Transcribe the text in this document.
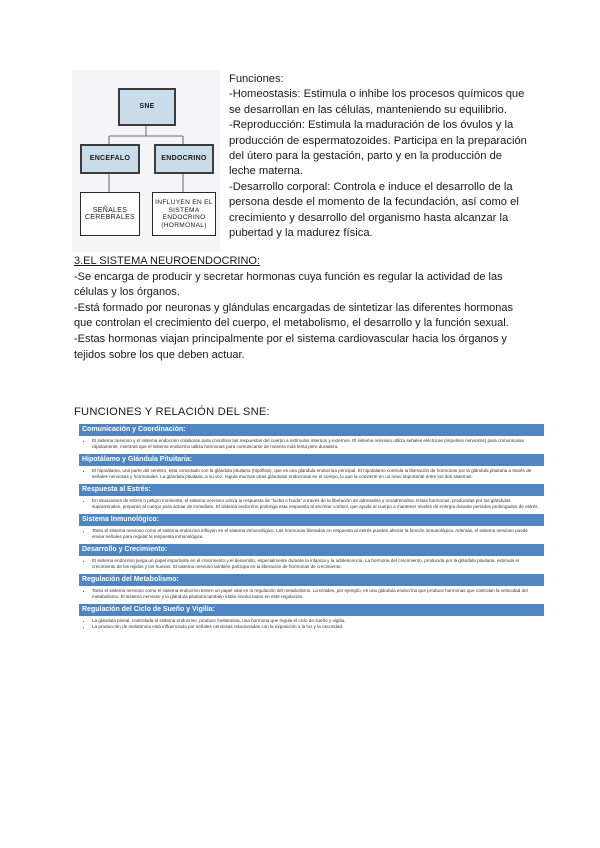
SNE
ENCEFALO	ENDOCRINO
SEÑALES CEREBRALES
INFLUYEN EN EL SISTEMA ENDOCRINO (HORMONAL)

Funciones:

-Homeostasis: Estimula o inhibe los procesos químicos que se desarrollan en las células, manteniendo su equilibrio.

-Reproducción: Estimula la maduración de los óvulos y la producción de espermatozoides. Participa en la preparación del útero para la gestación, parto y en la producción de leche materna.

-Desarrollo corporal: Controla e induce el desarrollo de la persona desde el momento de la fecundación, así como el crecimiento y desarrollo del organismo hasta alcanzar la pubertad y la madurez física.

3.EL SISTEMA NEUROENDOCRINO:

-Se encarga de producir y secretar hormonas cuya función es regular la actividad de las células y los órganos.

-Está formado por neuronas y glándulas encargadas de sintetizar las diferentes hormonas que controlan el crecimiento del cuerpo, el metabolismo, el desarrollo y la función sexual.

-Estas hormonas viajan principalmente por el sistema cardiovascular hacia los órganos y tejidos sobre los que deben actuar.

FUNCIONES Y RELACIÓN DEL SNE:
Comunicación y Coordinación:
• El sistema nervioso y el sistema endocrino colaboran para coordinar las respuestas del cuerpo a estímulos internos y externos. El sistema nervioso utiliza señales eléctricas (impulsos nerviosos) para comunicarse rápidamente, mientras que el sistema endocrino utiliza hormonas para comunicarse de manera más lenta pero duradera.
Hipotálamo y Glándula Pituitaria:
• El hipotálamo, una parte del cerebro, está conectado con la glándula pituitaria (hipófisis), que es una glándula endocrina principal. El hipotálamo controla la liberación de hormonas por la glándula pituitaria a través de señales nerviosas y hormonales. La glándula pituitaria, a su vez, regula muchas otras glándulas endocrinas en el cuerpo, lo que la convierte en un nexo importante entre los dos sistemas.
Respuesta al Estrés:
• En situaciones de estrés o peligro inminente, el sistema nervioso activa la respuesta de "lucha o huida" a través de la liberación de adrenalina y noradrenalina. Estas hormonas, producidas por las glándulas suprarrenales, preparan al cuerpo para actuar de inmediato. El sistema endocrino prolonga esta respuesta al secretar cortisol, que ayuda al cuerpo a mantener niveles de energía durante periodos prolongados de estrés.
Sistema Inmunológico:
• Tanto el sistema nervioso como el sistema endocrino influyen en el sistema inmunológico. Las hormonas liberadas en respuesta al estrés pueden afectar la función inmunológica. Además, el sistema nervioso puede enviar señales para regular la respuesta inmunológica.
Desarrollo y Crecimiento:
• El sistema endocrino juega un papel importante en el crecimiento y el desarrollo, especialmente durante la infancia y la adolescencia. La hormona del crecimiento, producida por la glándula pituitaria, estimula el crecimiento de los tejidos y los huesos. El sistema nervioso también participa en la liberación de hormonas de crecimiento.
Regulación del Metabolismo:
• Tanto el sistema nervioso como el sistema endocrino tienen un papel vital en la regulación del metabolismo. La tiroides, por ejemplo, es una glándula endocrina que produce hormonas que controlan la velocidad del metabolismo. El sistema nervioso y la glándula pituitaria también están involucrados en este regulación.
Regulación del Ciclo de Sueño y Vigilia:
• La glándula pineal, controlada el sistema endocrino, produce melatonina, una hormona que regula el ciclo de sueño y vigilia.
• La producción de melatonina está influenciada por señales nerviosas relacionadas con la exposición a la luz y la oscuridad.
